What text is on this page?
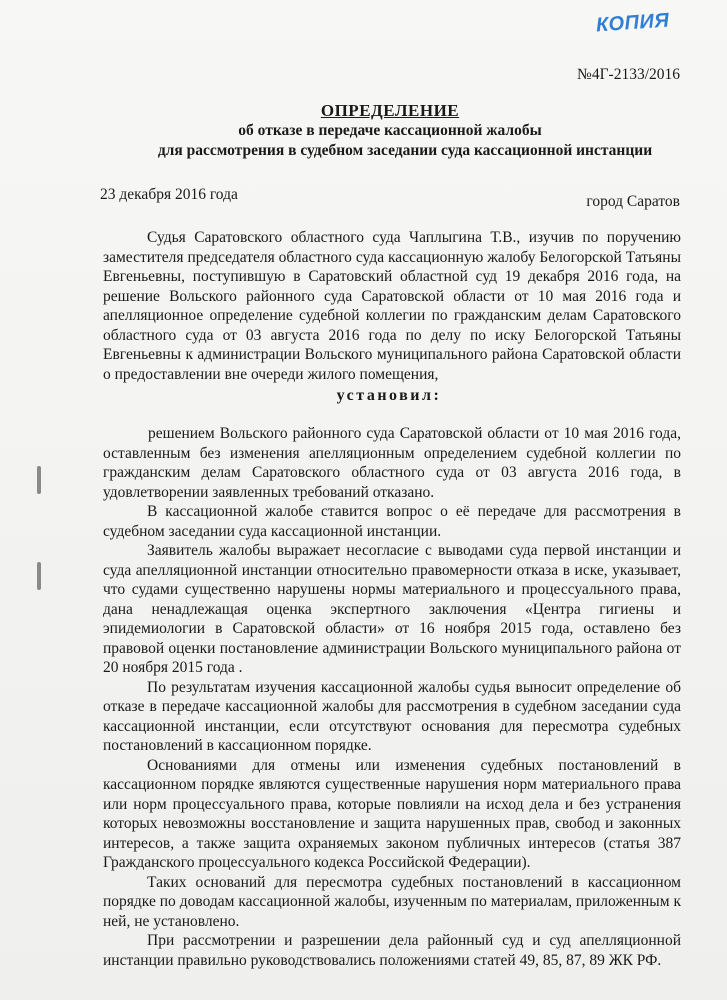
КОПИЯ
№4Г-2133/2016
ОПРЕДЕЛЕНИЕ
об отказе в передаче кассационной жалобы
для рассмотрения в судебном заседании суда кассационной инстанции
23 декабря 2016 года	город Саратов

Судья Саратовского областного суда Чаплыгина Т.В., изучив по поручению заместителя председателя областного суда кассационную жалобу Белогорской Татьяны Евгеньевны, поступившую в Саратовский областной суд 19 декабря 2016 года, на решение Вольского районного суда Саратовской области от 10 мая 2016 года и апелляционное определение судебной коллегии по гражданским делам Саратовского областного суда от 03 августа 2016 года по делу по иску Белогорской Татьяны Евгеньевны к администрации Вольского муниципального района Саратовской области о предоставлении вне очереди жилого помещения,

установил:

решением Вольского районного суда Саратовской области от 10 мая 2016 года, оставленным без изменения апелляционным определением судебной коллегии по гражданским делам Саратовского областного суда от 03 августа 2016 года, в удовлетворении заявленных требований отказано.

В кассационной жалобе ставится вопрос о её передаче для рассмотрения в судебном заседании суда кассационной инстанции.

Заявитель жалобы выражает несогласие с выводами суда первой инстанции и суда апелляционной инстанции относительно правомерности отказа в иске, указывает, что судами существенно нарушены нормы материального и процессуального права, дана ненадлежащая оценка экспертного заключения «Центра гигиены и эпидемиологии в Саратовской области» от 16 ноября 2015 года, оставлено без правовой оценки постановление администрации Вольского муниципального района от 20 ноября 2015 года .

По результатам изучения кассационной жалобы судья выносит определение об отказе в передаче кассационной жалобы для рассмотрения в судебном заседании суда кассационной инстанции, если отсутствуют основания для пересмотра судебных постановлений в кассационном порядке.

Основаниями для отмены или изменения судебных постановлений в кассационном порядке являются существенные нарушения норм материального права или норм процессуального права, которые повлияли на исход дела и без устранения которых невозможны восстановление и защита нарушенных прав, свобод и законных интересов, а также защита охраняемых законом публичных интересов (статья 387 Гражданского процессуального кодекса Российской Федерации).

Таких оснований для пересмотра судебных постановлений в кассационном порядке по доводам кассационной жалобы, изученным по материалам, приложенным к ней, не установлено.

При рассмотрении и разрешении дела районный суд и суд апелляционной инстанции правильно руководствовались положениями статей 49, 85, 87, 89 ЖК РФ.
